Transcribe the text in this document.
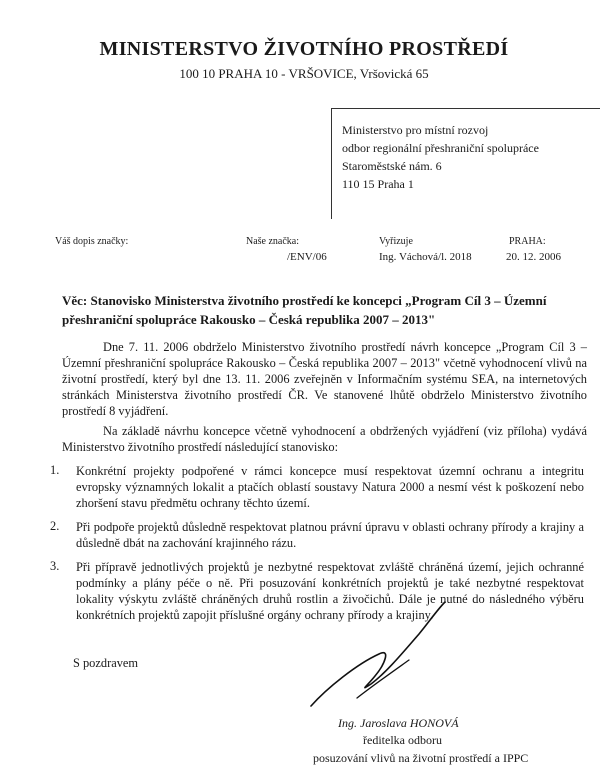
MINISTERSTVO ŽIVOTNÍHO PROSTŘEDÍ
100 10 PRAHA 10 - VRŠOVICE, Vršovická 65
Ministerstvo pro místní rozvoj
odbor regionální přeshraniční spolupráce
Staroměstské nám. 6
110 15 Praha 1
Váš dopis značky:	Naše značka:
/ENV/06
Vyřizuje
Ing. Váchová/l. 2018
PRAHA:
20. 12. 2006
Věc: Stanovisko Ministerstva životního prostředí ke koncepci „Program Cíl 3 – Územní přeshraniční spolupráce Rakousko – Česká republika 2007 – 2013"
Dne 7. 11. 2006 obdrželo Ministerstvo životního prostředí návrh koncepce „Program Cíl 3 – Územní přeshraniční spolupráce Rakousko – Česká republika 2007 – 2013" včetně vyhodnocení vlivů na životní prostředí, který byl dne 13. 11. 2006 zveřejněn v Informačním systému SEA, na internetových stránkách Ministerstva životního prostředí ČR. Ve stanovené lhůtě obdrželo Ministerstvo životního prostředí 8 vyjádření.
Na základě návrhu koncepce včetně vyhodnocení a obdržených vyjádření (viz příloha) vydává Ministerstvo životního prostředí následující stanovisko:
1. Konkrétní projekty podpořené v rámci koncepce musí respektovat územní ochranu a integritu evropsky významných lokalit a ptačích oblastí soustavy Natura 2000 a nesmí vést k poškození nebo zhoršení stavu předmětu ochrany těchto území.
2. Při podpoře projektů důsledně respektovat platnou právní úpravu v oblasti ochrany přírody a krajiny a důsledně dbát na zachování krajinného rázu.
3. Při přípravě jednotlivých projektů je nezbytné respektovat zvláště chráněná území, jejich ochranné podmínky a plány péče o ně. Při posuzování konkrétních projektů je také nezbytné respektovat lokality výskytu zvláště chráněných druhů rostlin a živočichů. Dále je nutné do následného výběru konkrétních projektů zapojit příslušné orgány ochrany přírody a krajiny.
S pozdravem
Ing. Jaroslava HONOVÁ
ředitelka odboru
posuzování vlivů na životní prostředí a IPPC
